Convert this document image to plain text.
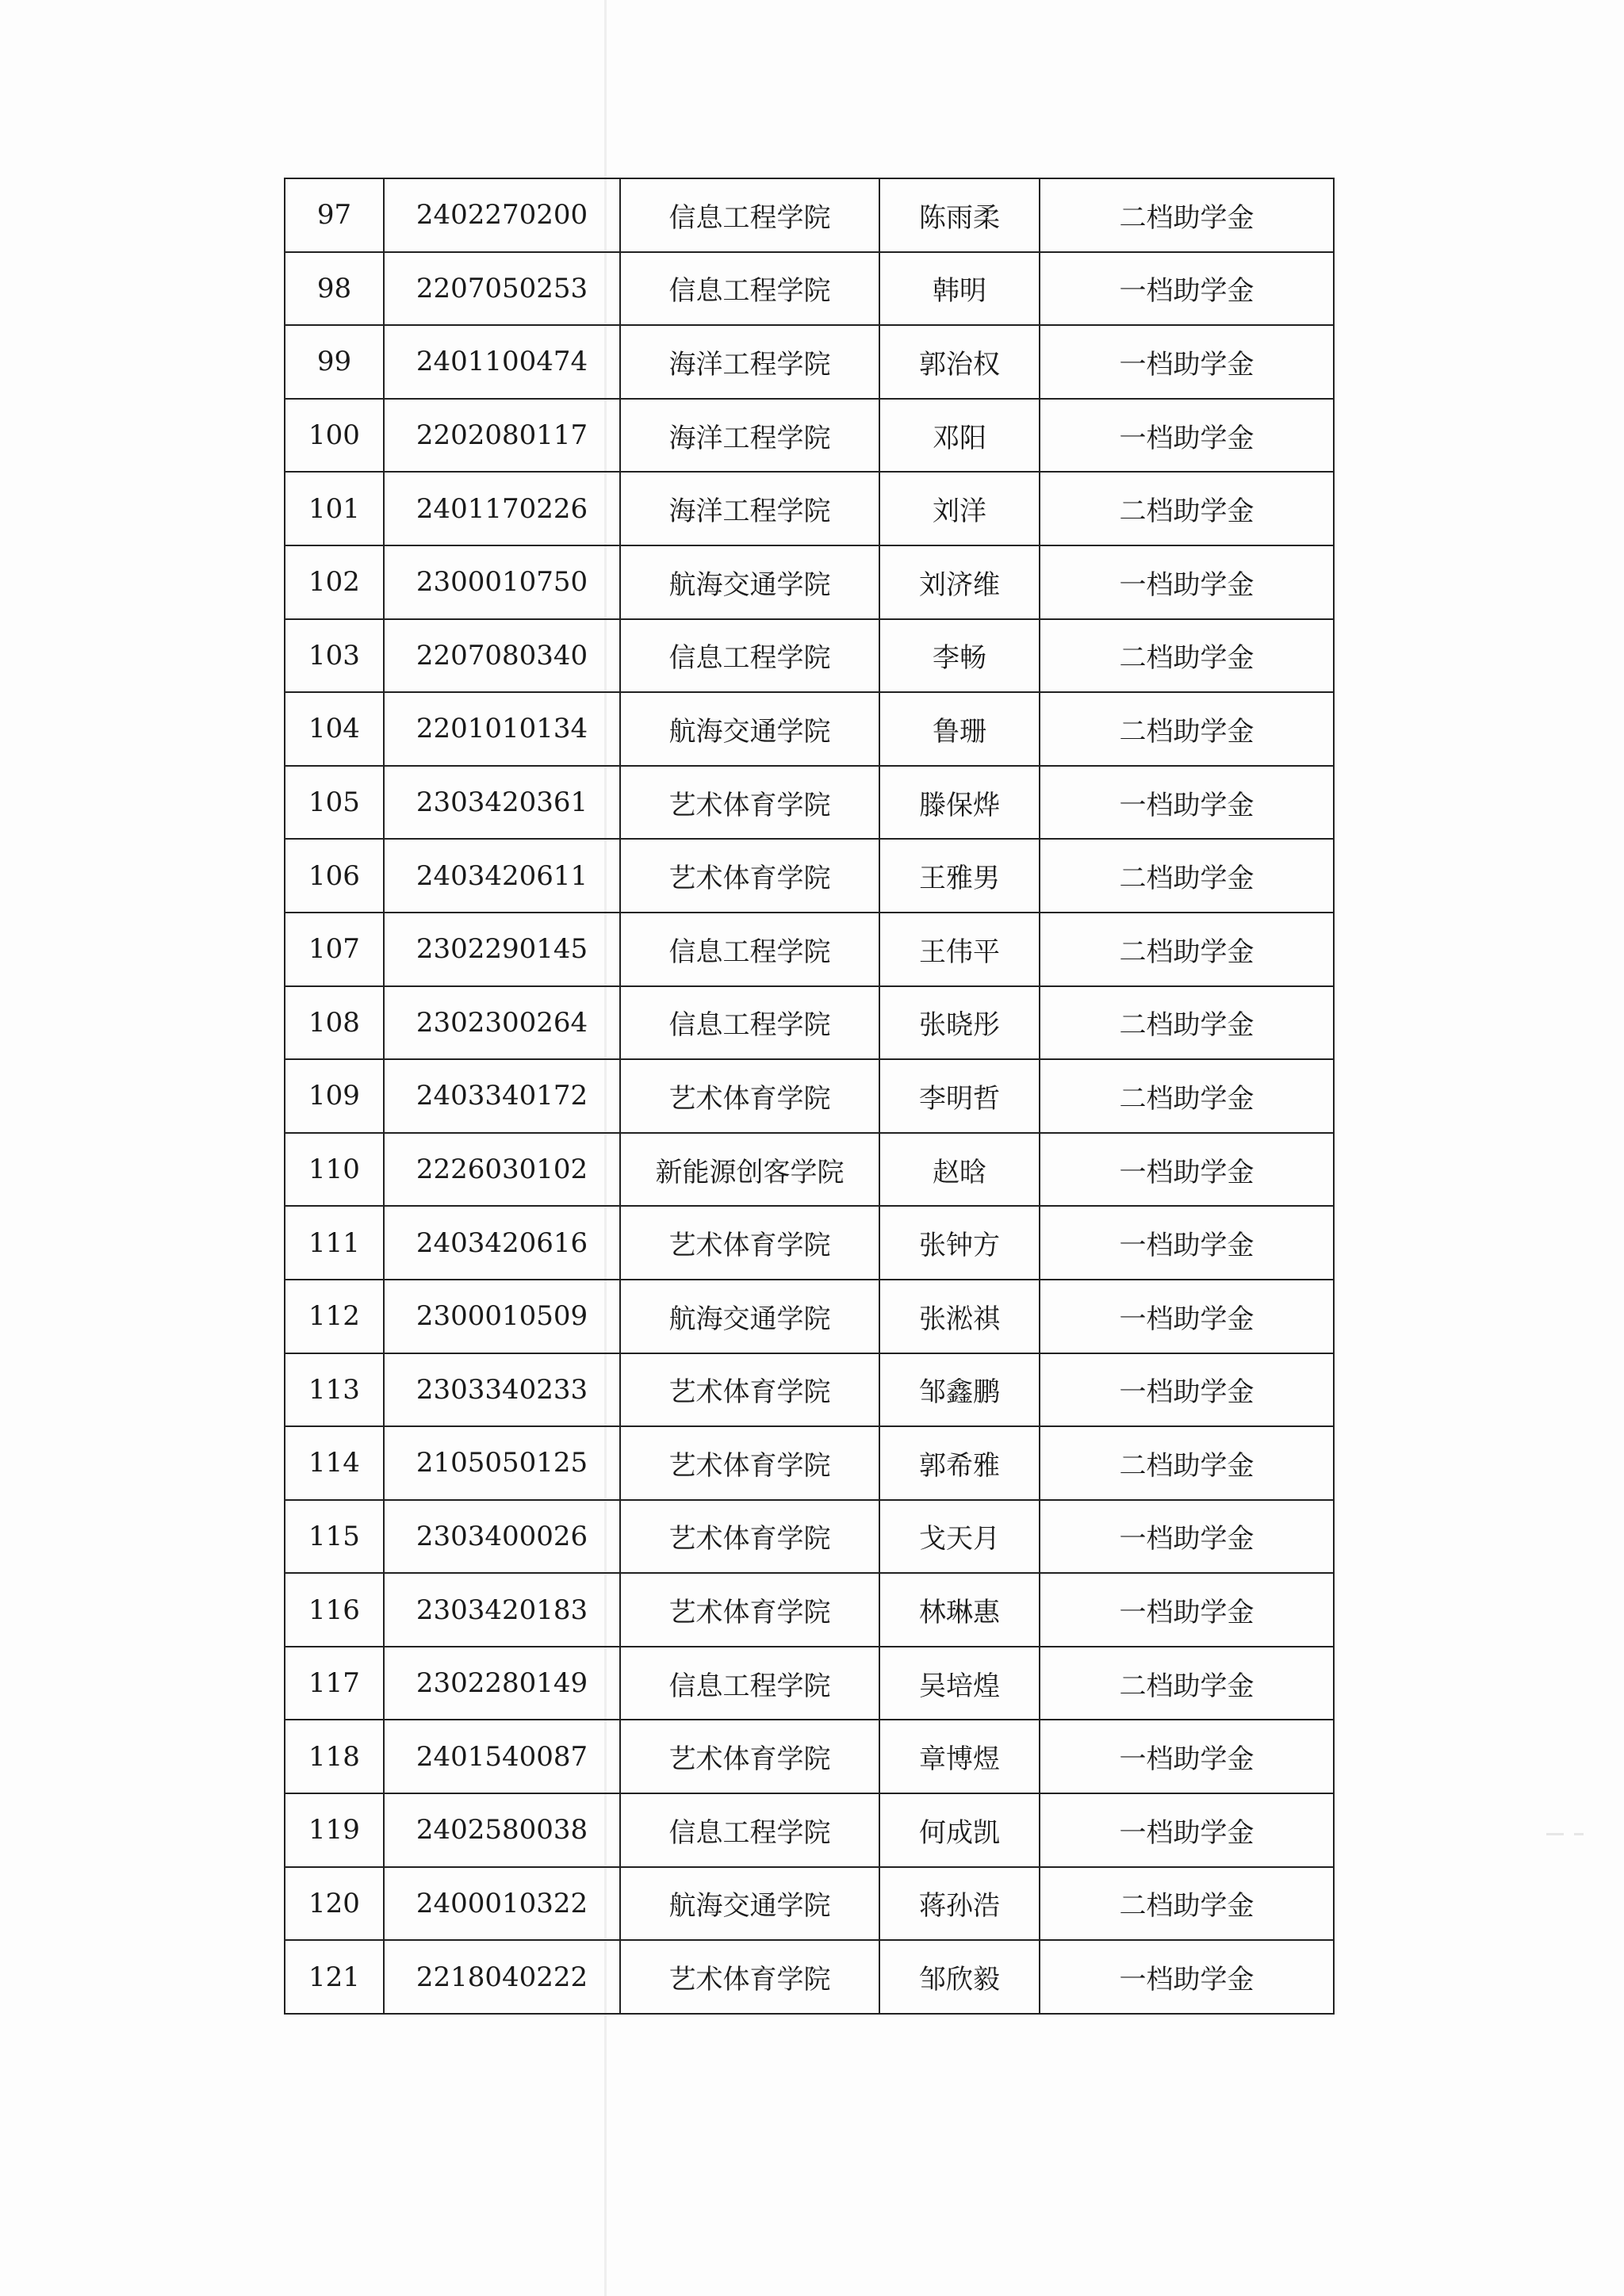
97	2402270200	信息工程学院	陈雨柔	二档助学金
98	2207050253	信息工程学院	韩明	一档助学金
99	2401100474	海洋工程学院	郭治权	一档助学金
100	2202080117	海洋工程学院	邓阳	一档助学金
101	2401170226	海洋工程学院	刘洋	二档助学金
102	2300010750	航海交通学院	刘济维	一档助学金
103	2207080340	信息工程学院	李畅	二档助学金
104	2201010134	航海交通学院	鲁珊	二档助学金
105	2303420361	艺术体育学院	滕保烨	一档助学金
106	2403420611	艺术体育学院	王雅男	二档助学金
107	2302290145	信息工程学院	王伟平	二档助学金
108	2302300264	信息工程学院	张晓彤	二档助学金
109	2403340172	艺术体育学院	李明哲	二档助学金
110	2226030102	新能源创客学院	赵晗	一档助学金
111	2403420616	艺术体育学院	张钟方	一档助学金
112	2300010509	航海交通学院	张淞祺	一档助学金
113	2303340233	艺术体育学院	邹鑫鹏	一档助学金
114	2105050125	艺术体育学院	郭希雅	二档助学金
115	2303400026	艺术体育学院	戈天月	一档助学金
116	2303420183	艺术体育学院	林琳惠	一档助学金
117	2302280149	信息工程学院	吴培煌	二档助学金
118	2401540087	艺术体育学院	章博煜	一档助学金
119	2402580038	信息工程学院	何成凯	一档助学金
120	2400010322	航海交通学院	蒋孙浩	二档助学金
121	2218040222	艺术体育学院	邹欣毅	一档助学金
